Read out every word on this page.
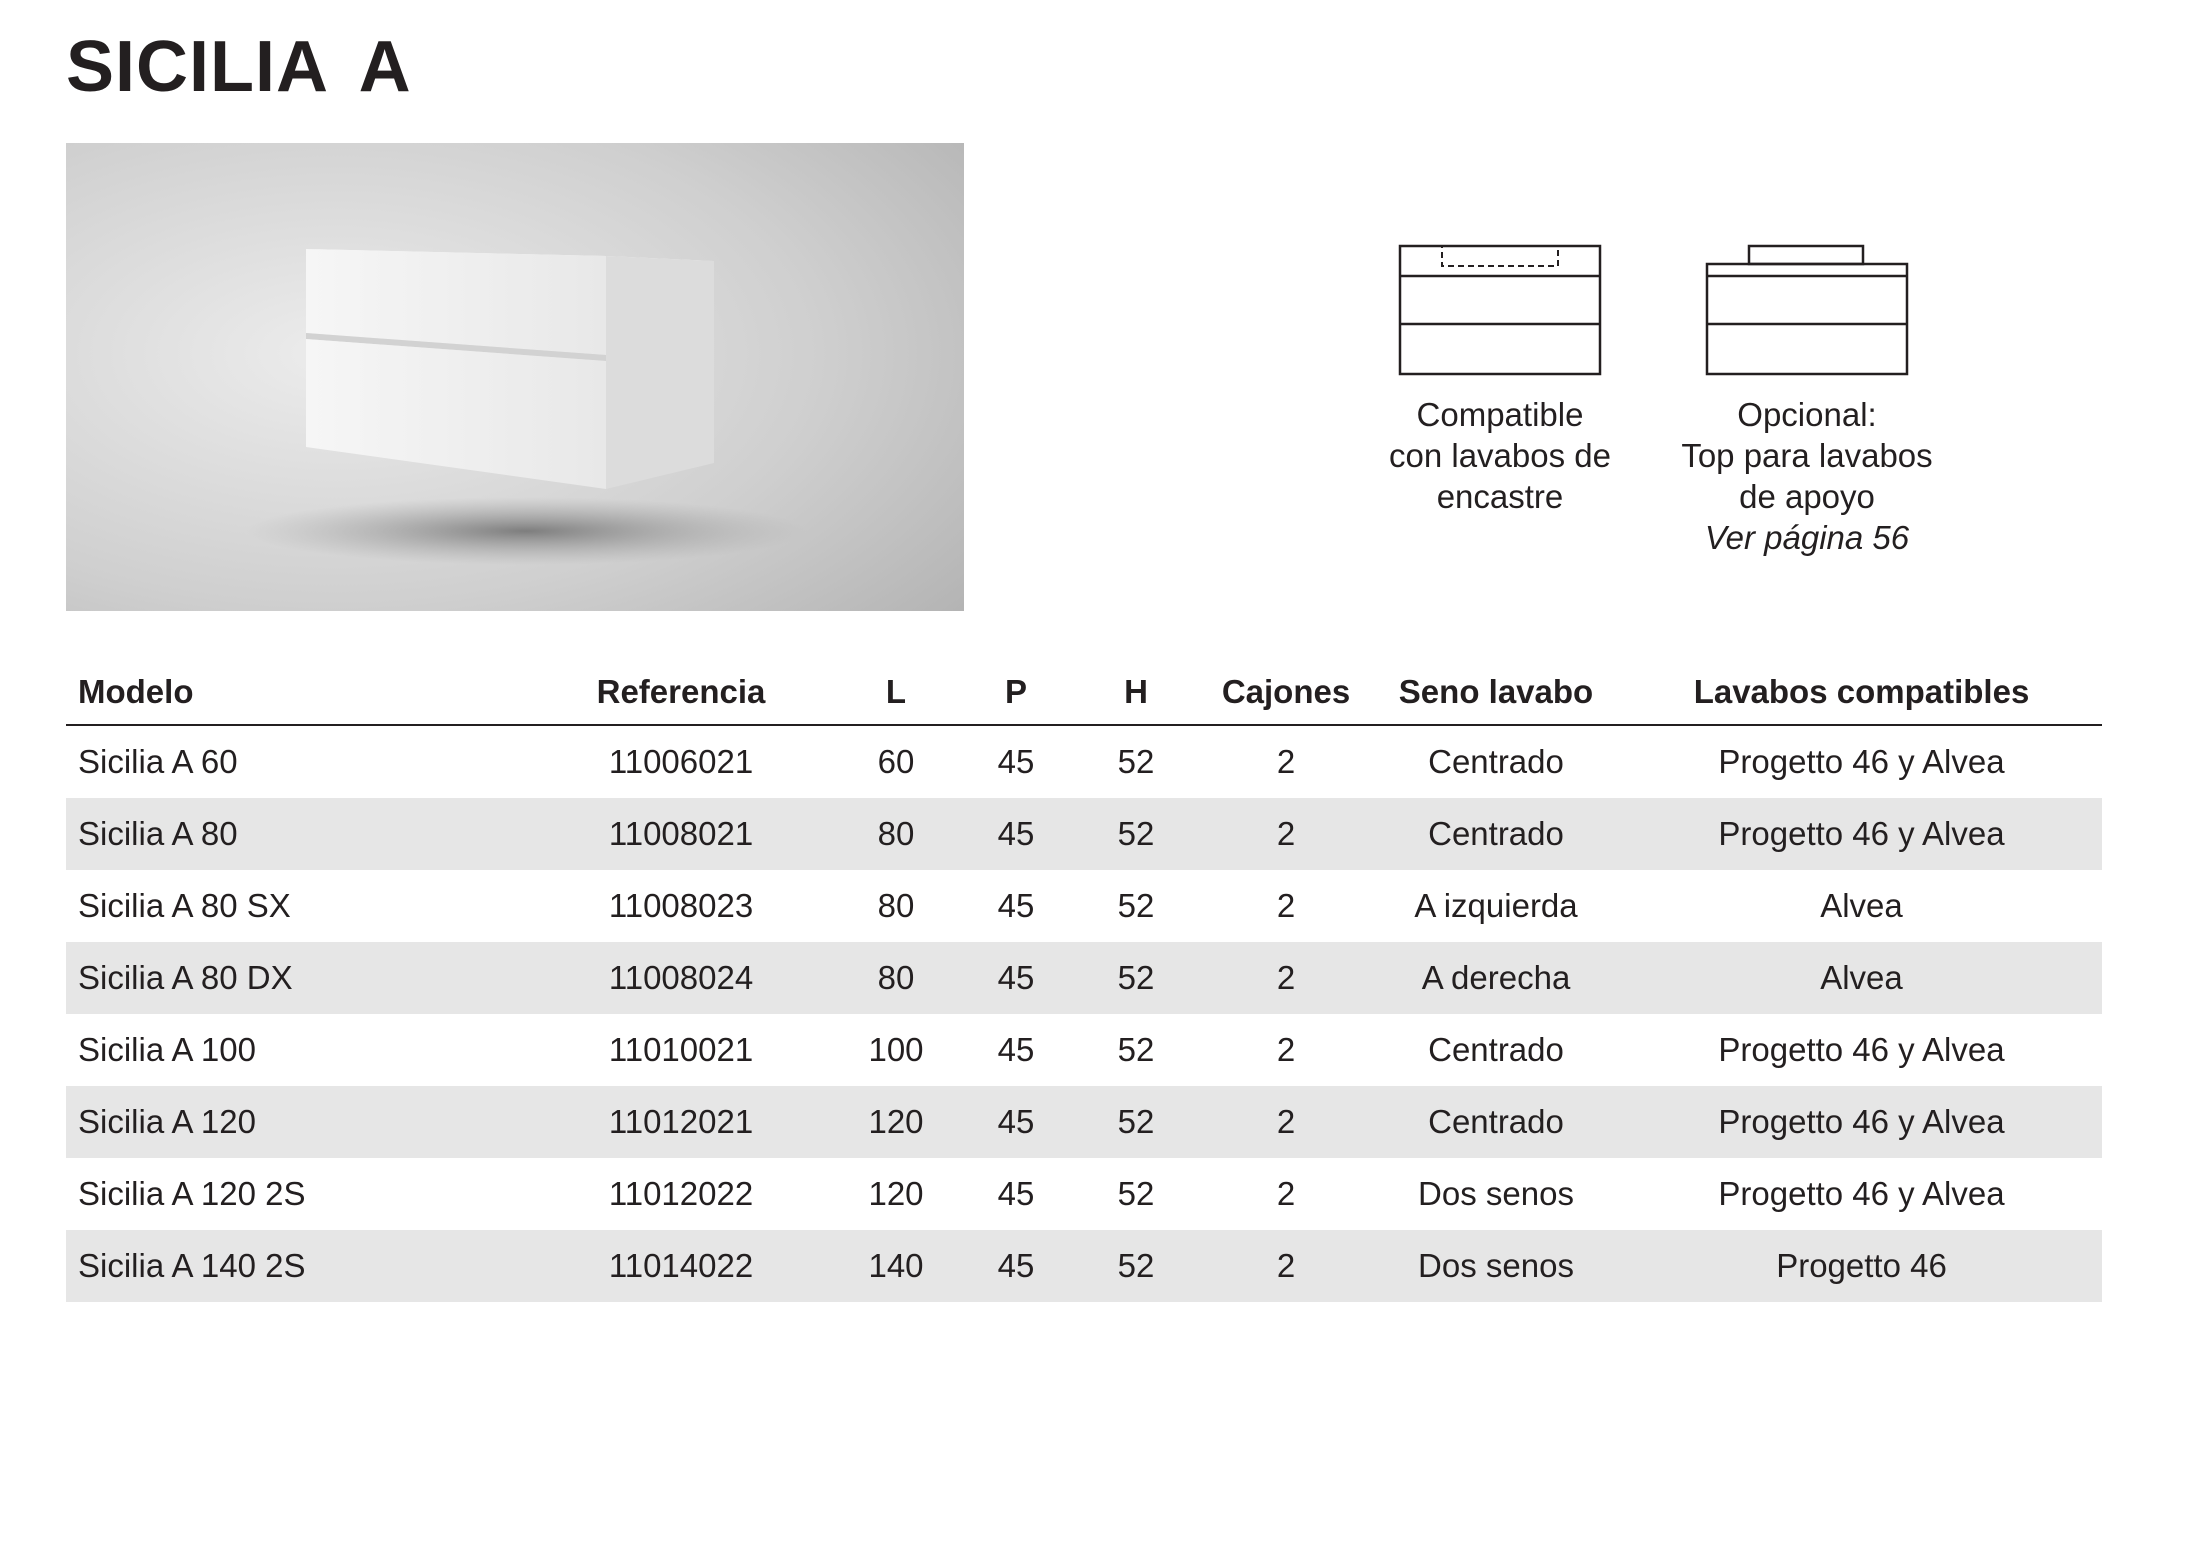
SICILIA A
Compatible
con lavabos de
encastre
Opcional:
Top para lavabos
de apoyo
Ver página 56
Modelo	Referencia	L	P	H	Cajones	Seno lavabo	Lavabos compatibles
Sicilia A 60	11006021	60	45	52	2	Centrado	Progetto 46 y Alvea
Sicilia A 80	11008021	80	45	52	2	Centrado	Progetto 46 y Alvea
Sicilia A 80 SX	11008023	80	45	52	2	A izquierda	Alvea
Sicilia A 80 DX	11008024	80	45	52	2	A derecha	Alvea
Sicilia A 100	11010021	100	45	52	2	Centrado	Progetto 46 y Alvea
Sicilia A 120	11012021	120	45	52	2	Centrado	Progetto 46 y Alvea
Sicilia A 120 2S	11012022	120	45	52	2	Dos senos	Progetto 46 y Alvea
Sicilia A 140 2S	11014022	140	45	52	2	Dos senos	Progetto 46
